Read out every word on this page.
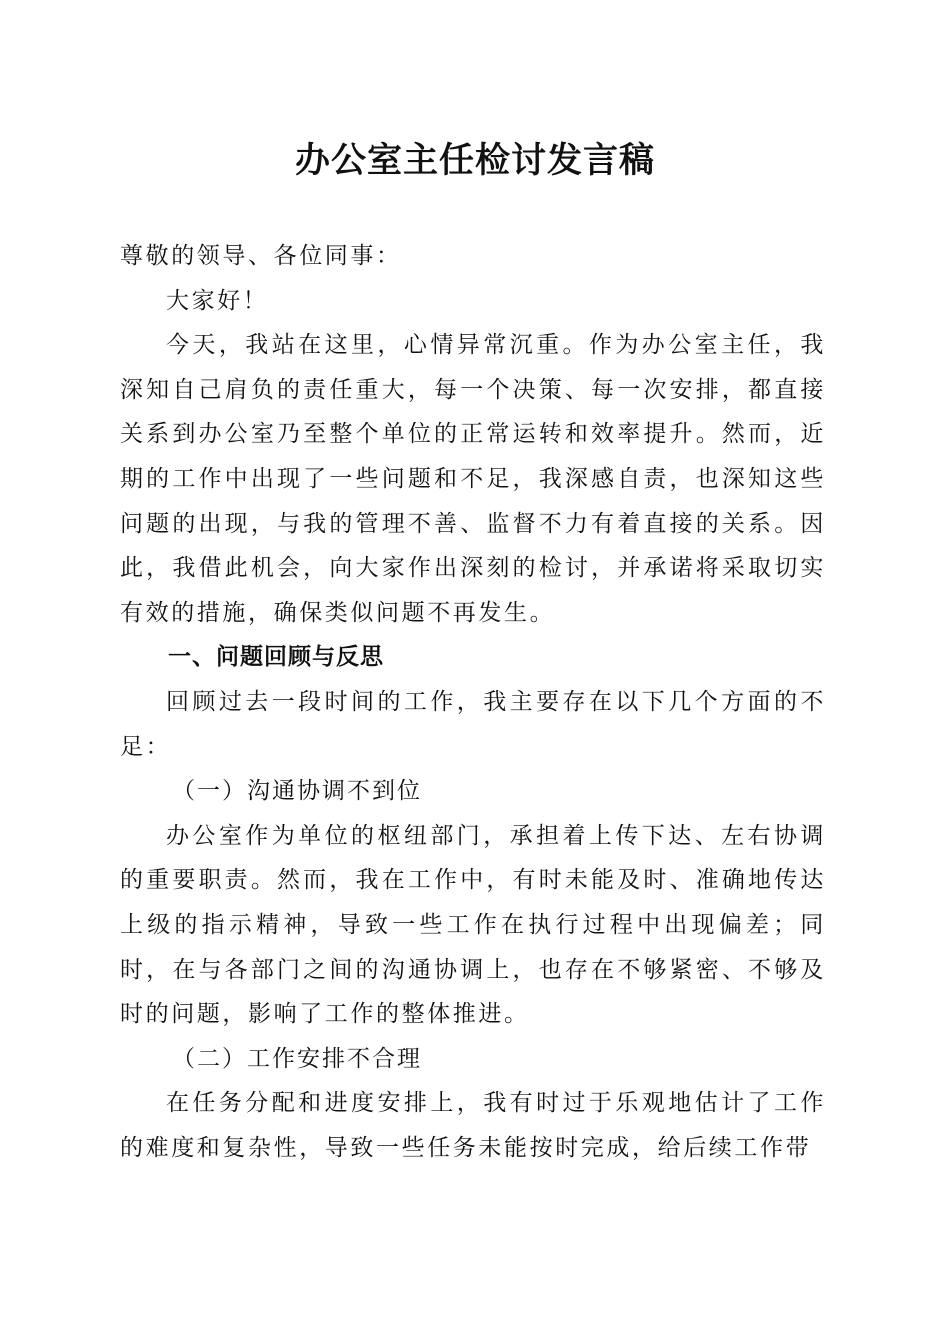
办公室主任检讨发言稿

尊敬的领导、各位同事：

大家好！

今天，我站在这里，心情异常沉重。作为办公室主任，我深知自己肩负的责任重大，每一个决策、每一次安排，都直接关系到办公室乃至整个单位的正常运转和效率提升。然而，近期的工作中出现了一些问题和不足，我深感自责，也深知这些问题的出现，与我的管理不善、监督不力有着直接的关系。因此，我借此机会，向大家作出深刻的检讨，并承诺将采取切实有效的措施，确保类似问题不再发生。

一、问题回顾与反思

回顾过去一段时间的工作，我主要存在以下几个方面的不足：

（一）沟通协调不到位

办公室作为单位的枢纽部门，承担着上传下达、左右协调的重要职责。然而，我在工作中，有时未能及时、准确地传达上级的指示精神，导致一些工作在执行过程中出现偏差；同时，在与各部门之间的沟通协调上，也存在不够紧密、不够及时的问题，影响了工作的整体推进。

（二）工作安排不合理

在任务分配和进度安排上，我有时过于乐观地估计了工作的难度和复杂性，导致一些任务未能按时完成，给后续工作带
